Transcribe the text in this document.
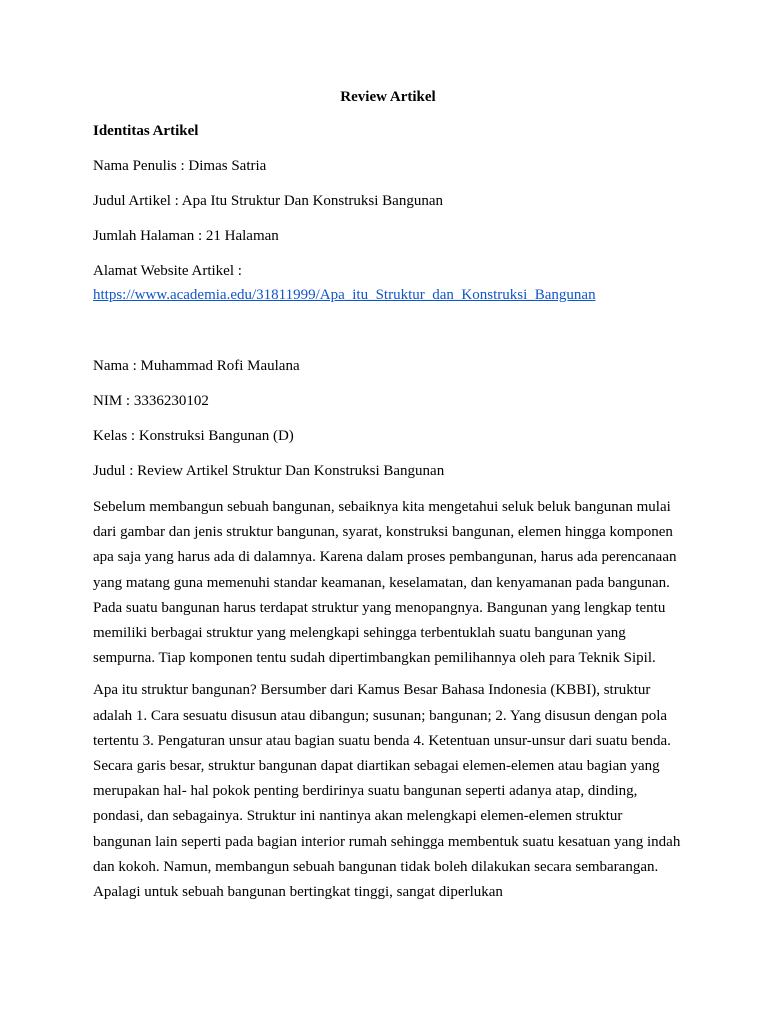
Review Artikel
Identitas Artikel
Nama Penulis : Dimas Satria
Judul Artikel : Apa Itu Struktur Dan Konstruksi Bangunan
Jumlah Halaman : 21 Halaman
Alamat Website Artikel :
https://www.academia.edu/31811999/Apa_itu_Struktur_dan_Konstruksi_Bangunan
Nama : Muhammad Rofi Maulana
NIM : 3336230102
Kelas : Konstruksi Bangunan (D)
Judul : Review Artikel Struktur Dan Konstruksi Bangunan

Sebelum membangun sebuah bangunan, sebaiknya kita mengetahui seluk beluk bangunan mulai dari gambar dan jenis struktur bangunan, syarat, konstruksi bangunan, elemen hingga komponen apa saja yang harus ada di dalamnya. Karena dalam proses pembangunan, harus ada perencanaan yang matang guna memenuhi standar keamanan, keselamatan, dan kenyamanan pada bangunan. Pada suatu bangunan harus terdapat struktur yang menopangnya. Bangunan yang lengkap tentu memiliki berbagai struktur yang melengkapi sehingga terbentuklah suatu bangunan yang sempurna. Tiap komponen tentu sudah dipertimbangkan pemilihannya oleh para Teknik Sipil.

Apa itu struktur bangunan? Bersumber dari Kamus Besar Bahasa Indonesia (KBBI), struktur adalah 1. Cara sesuatu disusun atau dibangun; susunan; bangunan; 2. Yang disusun dengan pola tertentu 3. Pengaturan unsur atau bagian suatu benda 4. Ketentuan unsur-unsur dari suatu benda. Secara garis besar, struktur bangunan dapat diartikan sebagai elemen-elemen atau bagian yang merupakan hal- hal pokok penting berdirinya suatu bangunan seperti adanya atap, dinding, pondasi, dan sebagainya. Struktur ini nantinya akan melengkapi elemen-elemen struktur bangunan lain seperti pada bagian interior rumah sehingga membentuk suatu kesatuan yang indah dan kokoh. Namun, membangun sebuah bangunan tidak boleh dilakukan secara sembarangan. Apalagi untuk sebuah bangunan bertingkat tinggi, sangat diperlukan
